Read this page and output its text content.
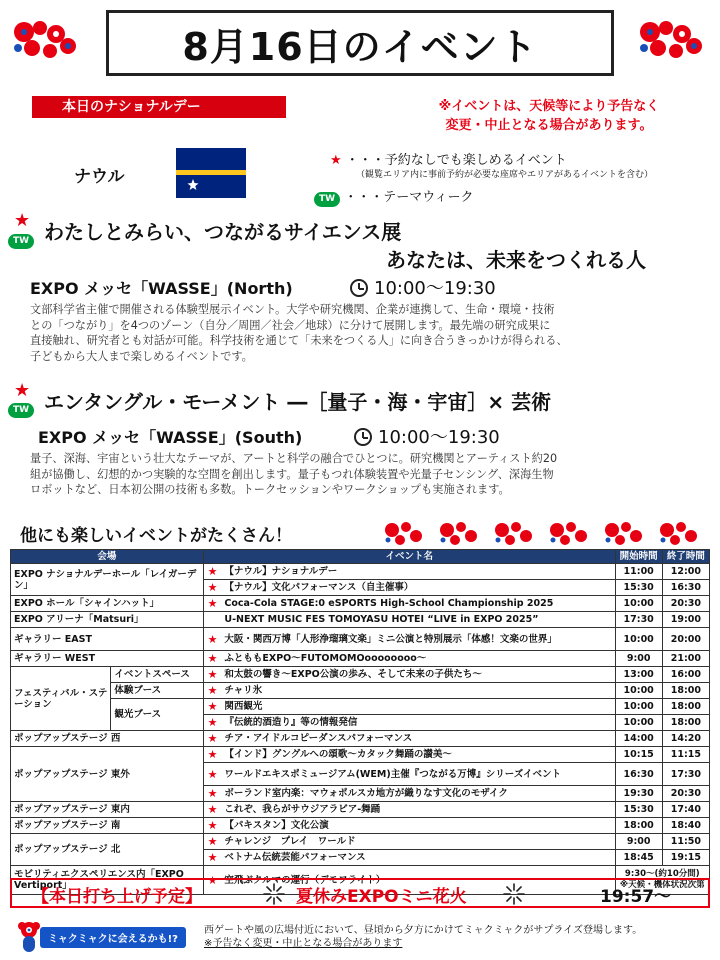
8月16日のイベント
本日のナショナルデー	※イベントは、天候等により予告なく
変更・中止となる場合があります。
ナウル
★ ・・・予約なしでも楽しめるイベント
（観覧エリア内に事前予約が必要な座席やエリアがあるイベントを含む）
TW ・・・テーマウィーク
★
TW わたしとみらい、つながるサイエンス展
あなたは、未来をつくれる人
EXPO メッセ「WASSE」(North)	10:00～19:30
文部科学省主催で開催される体験型展示イベント。大学や研究機関、企業が連携して、生命・環境・技術
との「つながり」を4つのゾーン（自分／周囲／社会／地球）に分けて展開します。最先端の研究成果に
直接触れ、研究者とも対話が可能。科学技術を通じて「未来をつくる人」に向き合うきっかけが得られる、
子どもから大人まで楽しめるイベントです。
★
TW エンタングル・モーメント ―［量子・海・宇宙］× 芸術
EXPO メッセ「WASSE」(South)	10:00～19:30
量子、深海、宇宙という壮大なテーマが、アートと科学の融合でひとつに。研究機関とアーティスト約20
組が協働し、幻想的かつ実験的な空間を創出します。量子もつれ体験装置や光量子センシング、深海生物
ロボットなど、日本初公開の技術も多数。トークセッションやワークショップも実施されます。
他にも楽しいイベントがたくさん！
会場		イベント名		開始時間	終了時間
EXPO ナショナルデーホール「レイガーデン」		★	【ナウル】ナショナルデー	11:00	12:00
		★	【ナウル】文化パフォーマンス（自主催事）	15:30	16:30
EXPO ホール「シャインハット」		★	Coca-Cola STAGE:0 eSPORTS High-School Championship 2025	10:00	20:30
EXPO アリーナ「Matsuri」			U-NEXT MUSIC FES TOMOYASU HOTEI “LIVE in EXPO 2025”	17:30	19:00
ギャラリー EAST		★	大阪・関西万博「人形浄瑠璃文楽」ミニ公演と特別展示「体感！文楽の世界」	10:00	20:00
ギャラリー WEST		★	ふとももEXPO～FUTOMOMOoooooooo～	9:00	21:00
フェスティバル・ステーション	イベントスペース	★	和太鼓の響き～EXPO公演の歩み、そして未来の子供たち～	13:00	16:00
	体験ブース	★	チャリ氷	10:00	18:00
	観光ブース	★	関西観光	10:00	18:00
		★	『伝統的酒造り』等の情報発信	10:00	18:00
ポップアップステージ 西		★	チア・アイドルコピーダンスパフォーマンス	14:00	14:20
ポップアップステージ 東外		★	【インド】グングルへの頌歌～カタック舞踊の讃美～	10:15	11:15
		★	ワールドエキスポミュージアム(WEM)主催『つながる万博』シリーズイベント	16:30	17:30
		★	ボーランド室内楽：マウォポルスカ地方が織りなす文化のモザイク	19:30	20:30
ポップアップステージ 東内		★	これぞ、我らがサウジアラビア-舞踊	15:30	17:40
ポップアップステージ 南		★	【パキスタン】文化公演	18:00	18:40
ポップアップステージ 北		★	チャレンジ　プレイ　ワールド	9:00	11:50
		★	ベトナム伝統芸能パフォーマンス	18:45	19:15
モビリティエクスペリエンス内「EXPO Vertiport」		★	空飛ぶクルマの運行（デモフライト）	9:30～(約10分間)
※天候・機体状況次第	
【本日打ち上げ予定】	夏休みEXPOミニ花火	19:57～
ミャクミャクに会えるかも!?
西ゲートや風の広場付近において、昼頃から夕方にかけてミャクミャクがサプライズ登場します。
※予告なく変更・中止となる場合があります
